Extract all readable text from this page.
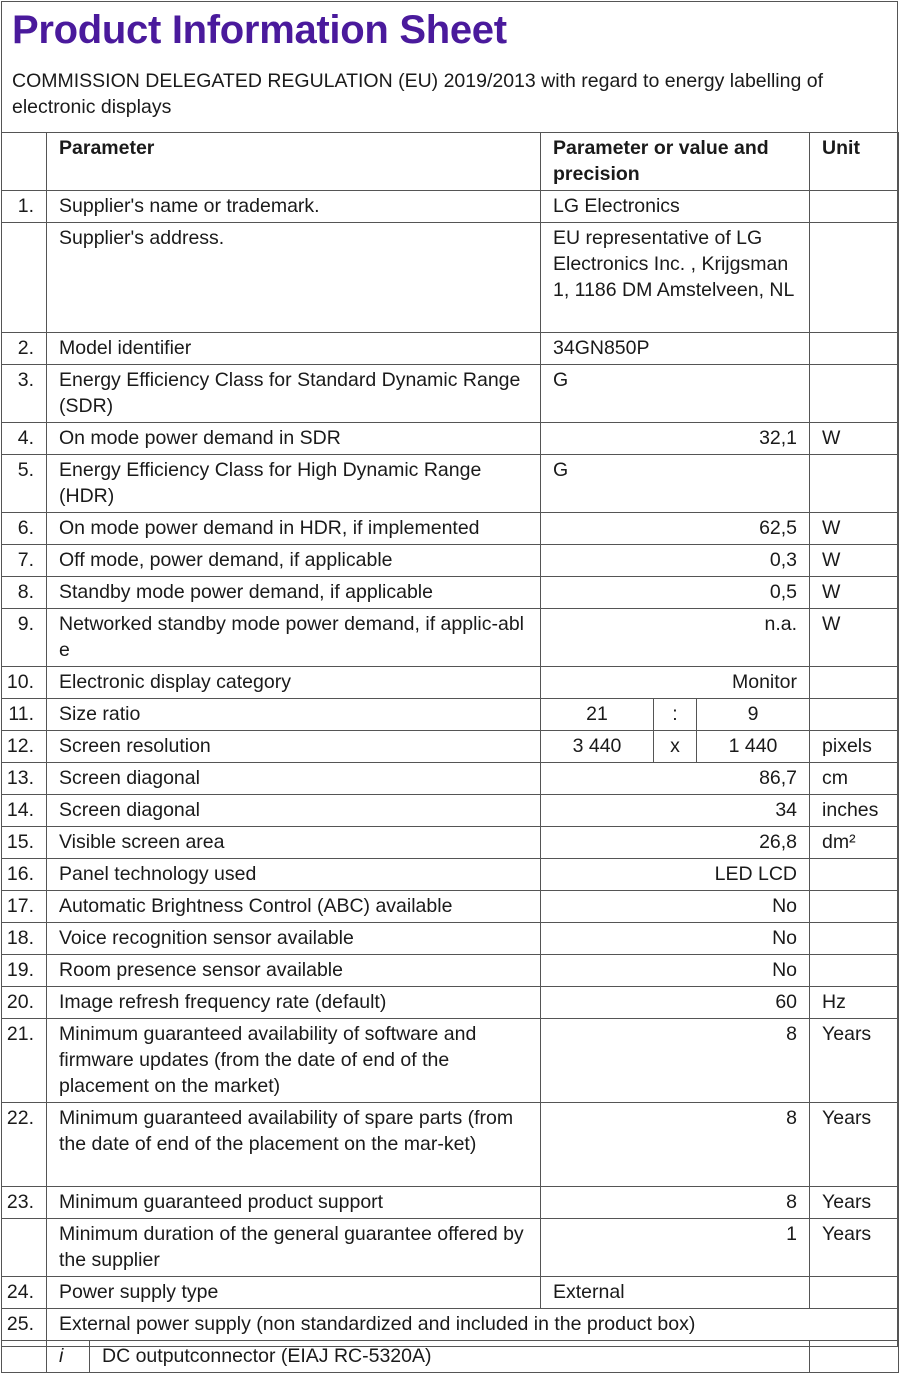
Product Information Sheet
COMMISSION DELEGATED REGULATION (EU) 2019/2013 with regard to energy labelling of electronic displays
	Parameter		Parameter or value and precision			Unit
1.	Supplier's name or trademark.		LG Electronics			
	Supplier's address.		EU representative of LG Electronics Inc. , Krijgsman 1, 1186 DM Amstelveen, NL			
2.	Model identifier		34GN850P			
3.	Energy Efficiency Class for Standard Dynamic Range (SDR)		G			
4.	On mode power demand in SDR		32,1			W
5.	Energy Efficiency Class for High Dynamic Range (HDR)		G			
6.	On mode power demand in HDR, if implemented		62,5			W
7.	Off mode, power demand, if applicable		0,3			W
8.	Standby mode power demand, if applicable		0,5			W
9.	Networked standby mode power demand, if applic-able		n.a.			W
10.	Electronic display category		Monitor			
11.	Size ratio		21	:	9	
12.	Screen resolution		3 440	x	1 440	pixels
13.	Screen diagonal		86,7			cm
14.	Screen diagonal		34			inches
15.	Visible screen area		26,8			dm²
16.	Panel technology used		LED LCD			
17.	Automatic Brightness Control (ABC) available		No			
18.	Voice recognition sensor available		No			
19.	Room presence sensor available		No			
20.	Image refresh frequency rate (default)		60			Hz
21.	Minimum guaranteed availability of software and firmware updates (from the date of end of the placement on the market)		8			Years
22.	Minimum guaranteed availability of spare parts (from the date of end of the placement on the mar-ket)		8			Years
23.	Minimum guaranteed product support		8			Years
	Minimum duration of the general guarantee offered by the supplier		1			Years
24.	Power supply type		External			
25.	External power supply (non standardized and included in the product box)					
	i	DC outputconnector (EIAJ RC-5320A)				
